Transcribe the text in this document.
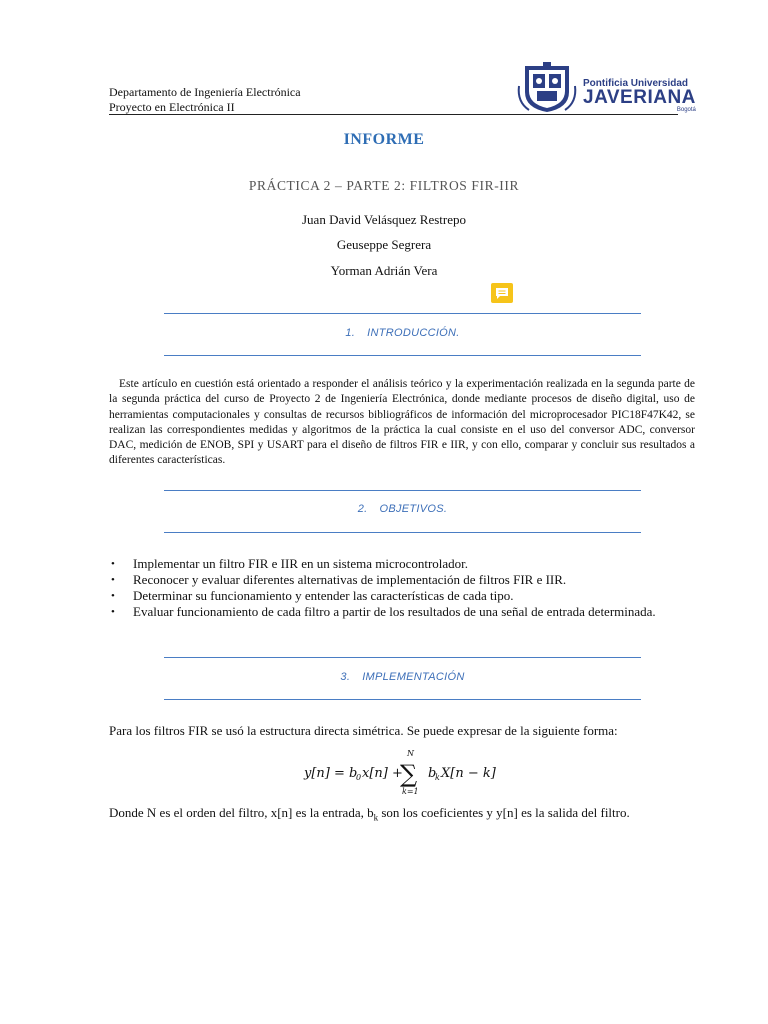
Departamento de Ingeniería Electrónica
Proyecto en Electrónica II
Pontificia Universidad
JAVERIANA
Bogotá
INFORME
PRÁCTICA 2 – PARTE 2: FILTROS FIR-IIR
Juan David Velásquez Restrepo
Geuseppe Segrera
Yorman Adrián Vera
1. INTRODUCCIÓN.

Este artículo en cuestión está orientado a responder el análisis teórico y la experimentación realizada en la segunda parte de la segunda práctica del curso de Proyecto 2 de Ingeniería Electrónica, donde mediante procesos de diseño digital, uso de herramientas computacionales y consultas de recursos bibliográficos de información del microprocesador PIC18F47K42, se realizan las correspondientes medidas y algoritmos de la práctica la cual consiste en el uso del conversor ADC, conversor DAC, medición de ENOB, SPI y USART para el diseño de filtros FIR e IIR, y con ello, comparar y concluir sus resultados a diferentes características.

2. OBJETIVOS.
• Implementar un filtro FIR e IIR en un sistema microcontrolador.
• Reconocer y evaluar diferentes alternativas de implementación de filtros FIR e IIR.
• Determinar su funcionamiento y entender las características de cada tipo.
• Evaluar funcionamiento de cada filtro a partir de los resultados de una señal de entrada determinada.
3. IMPLEMENTACIÓN

Para los filtros FIR se usó la estructura directa simétrica. Se puede expresar de la siguiente forma:

y[n] = b
0 x[n] +
N
∑
k=1
b
k X[n − k]

Donde N es el orden del filtro, x[n] es la entrada, $b_k$ son los coeficientes y y[n] es la salida del filtro.
